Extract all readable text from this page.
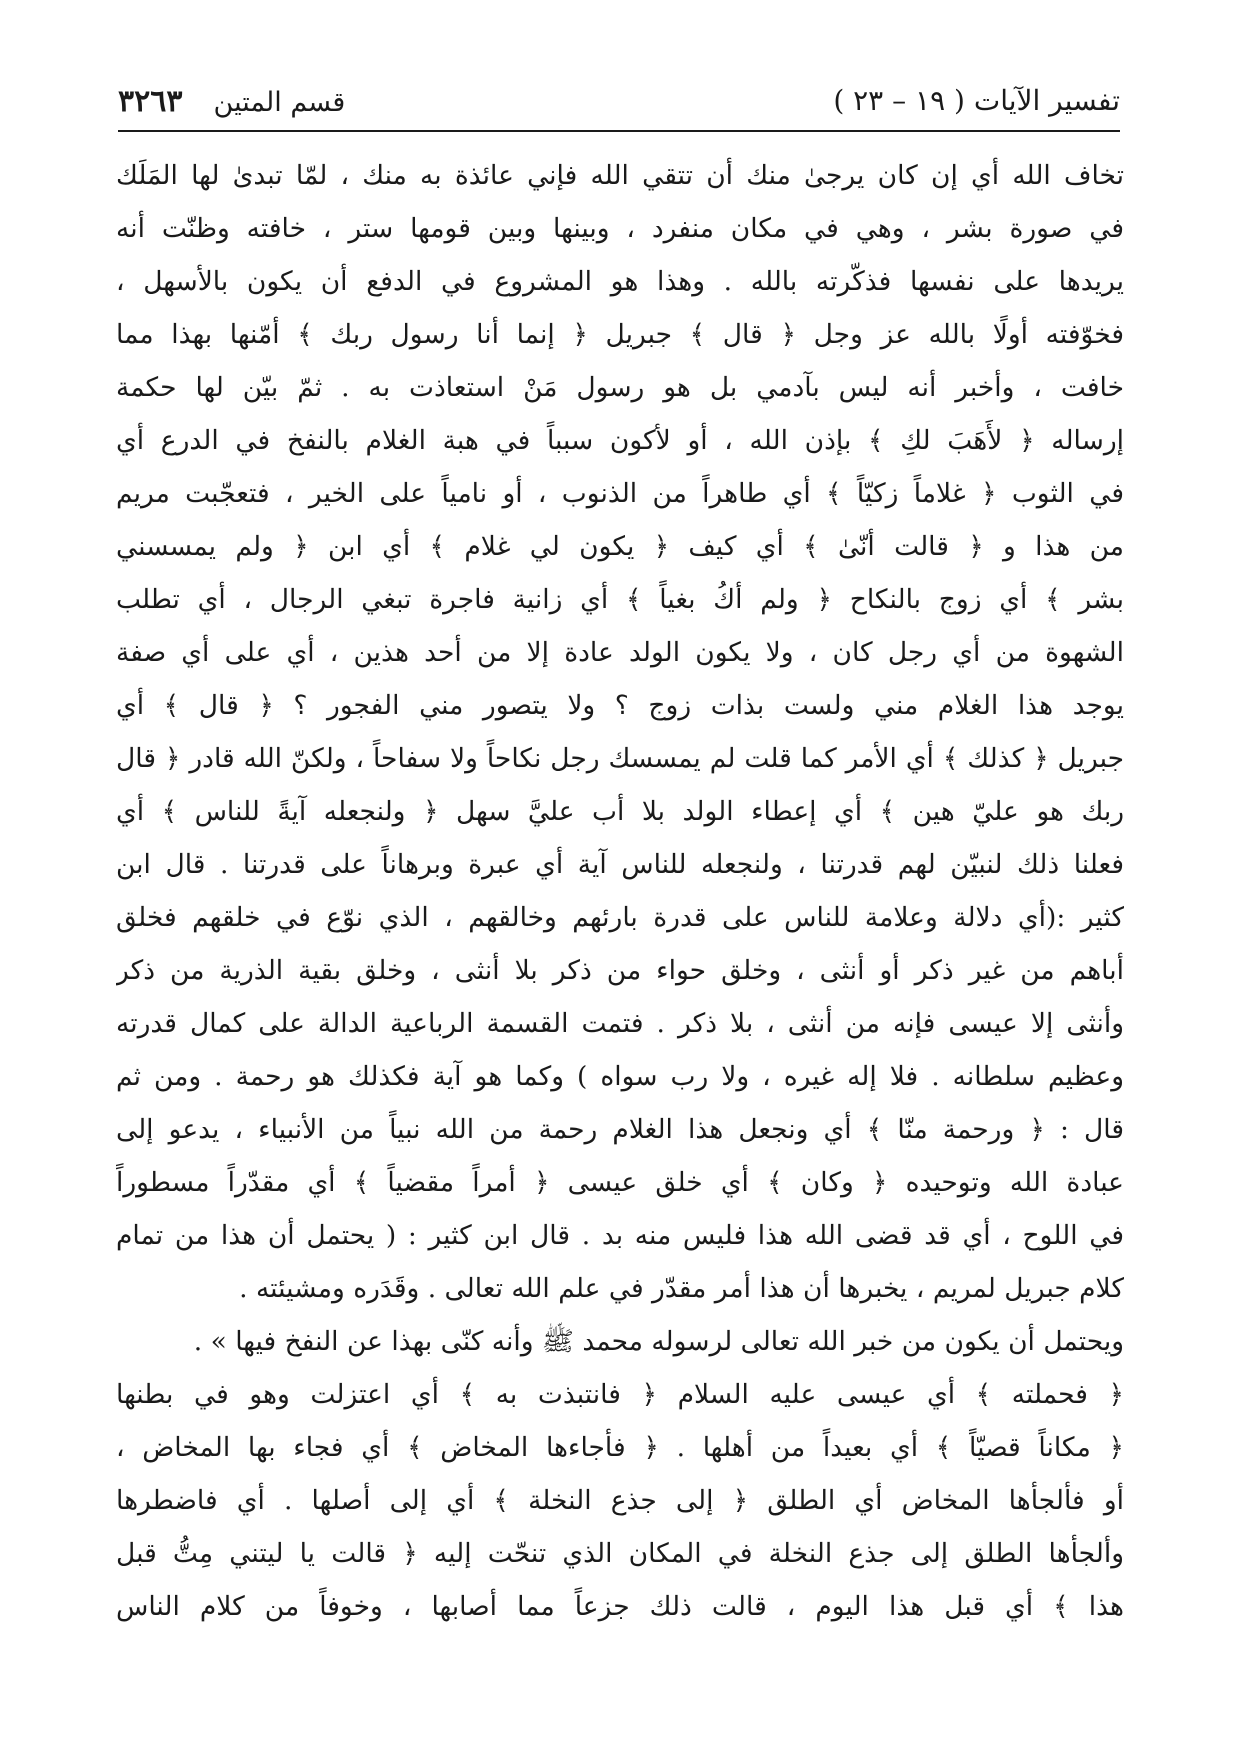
تفسير الآيات ( ١٩ – ٢٣ )
قسم المتين ٣٢٦٣
تخاف الله أي إن كان يرجىٰ منك أن تتقي الله فإني عائذة به منك ، لمّا تبدىٰ لها المَلَك
في صورة بشر ، وهي في مكان منفرد ، وبينها وبين قومها ستر ، خافته وظنّت أنه
يريدها على نفسها فذكّرته بالله . وهذا هو المشروع في الدفع أن يكون بالأسهل ،
فخوّفته أولًا بالله عز وجل ﴿ قال ﴾ جبريل ﴿ إنما أنا رسول ربك ﴾ أمّنها بهذا مما
خافت ، وأخبر أنه ليس بآدمي بل هو رسول مَنْ استعاذت به . ثمّ بيّن لها حكمة
إرساله ﴿ لأَهَبَ لكِ ﴾ بإذن الله ، أو لأكون سبباً في هبة الغلام بالنفخ في الدرع أي
في الثوب ﴿ غلاماً زكيّاً ﴾ أي طاهراً من الذنوب ، أو نامياً على الخير ، فتعجّبت مريم
من هذا و ﴿ قالت أنّىٰ ﴾ أي كيف ﴿ يكون لي غلام ﴾ أي ابن ﴿ ولم يمسسني
بشر ﴾ أي زوج بالنكاح ﴿ ولم أكُ بغياً ﴾ أي زانية فاجرة تبغي الرجال ، أي تطلب
الشهوة من أي رجل كان ، ولا يكون الولد عادة إلا من أحد هذين ، أي على أي صفة
يوجد هذا الغلام مني ولست بذات زوج ؟ ولا يتصور مني الفجور ؟ ﴿ قال ﴾ أي
جبريل ﴿ كذلك ﴾ أي الأمر كما قلت لم يمسسك رجل نكاحاً ولا سفاحاً ، ولكنّ الله قادر ﴿ قال
ربك هو عليّ هين ﴾ أي إعطاء الولد بلا أب عليَّ سهل ﴿ ولنجعله آيةً للناس ﴾ أي
فعلنا ذلك لنبيّن لهم قدرتنا ، ولنجعله للناس آية أي عبرة وبرهاناً على قدرتنا . قال ابن
كثير :(أي دلالة وعلامة للناس على قدرة بارئهم وخالقهم ، الذي نوّع في خلقهم فخلق
أباهم من غير ذكر أو أنثى ، وخلق حواء من ذكر بلا أنثى ، وخلق بقية الذرية من ذكر
وأنثى إلا عيسى فإنه من أنثى ، بلا ذكر . فتمت القسمة الرباعية الدالة على كمال قدرته
وعظيم سلطانه . فلا إله غيره ، ولا رب سواه ) وكما هو آية فكذلك هو رحمة . ومن ثم
قال : ﴿ ورحمة منّا ﴾ أي ونجعل هذا الغلام رحمة من الله نبياً من الأنبياء ، يدعو إلى
عبادة الله وتوحيده ﴿ وكان ﴾ أي خلق عيسى ﴿ أمراً مقضياً ﴾ أي مقدّراً مسطوراً
في اللوح ، أي قد قضى الله هذا فليس منه بد . قال ابن كثير : ( يحتمل أن هذا من تمام
كلام جبريل لمريم ، يخبرها أن هذا أمر مقدّر في علم الله تعالى . وقَدَره ومشيئته .
ويحتمل أن يكون من خبر الله تعالى لرسوله محمد ﷺ وأنه كنّى بهذا عن النفخ فيها » .
﴿ فحملته ﴾ أي عيسى عليه السلام ﴿ فانتبذت به ﴾ أي اعتزلت وهو في بطنها
﴿ مكاناً قصيّاً ﴾ أي بعيداً من أهلها . ﴿ فأجاءها المخاض ﴾ أي فجاء بها المخاض ،
أو فألجأها المخاض أي الطلق ﴿ إلى جذع النخلة ﴾ أي إلى أصلها . أي فاضطرها
وألجأها الطلق إلى جذع النخلة في المكان الذي تنحّت إليه ﴿ قالت يا ليتني مِتُّ قبل
هذا ﴾ أي قبل هذا اليوم ، قالت ذلك جزعاً مما أصابها ، وخوفاً من كلام الناس
